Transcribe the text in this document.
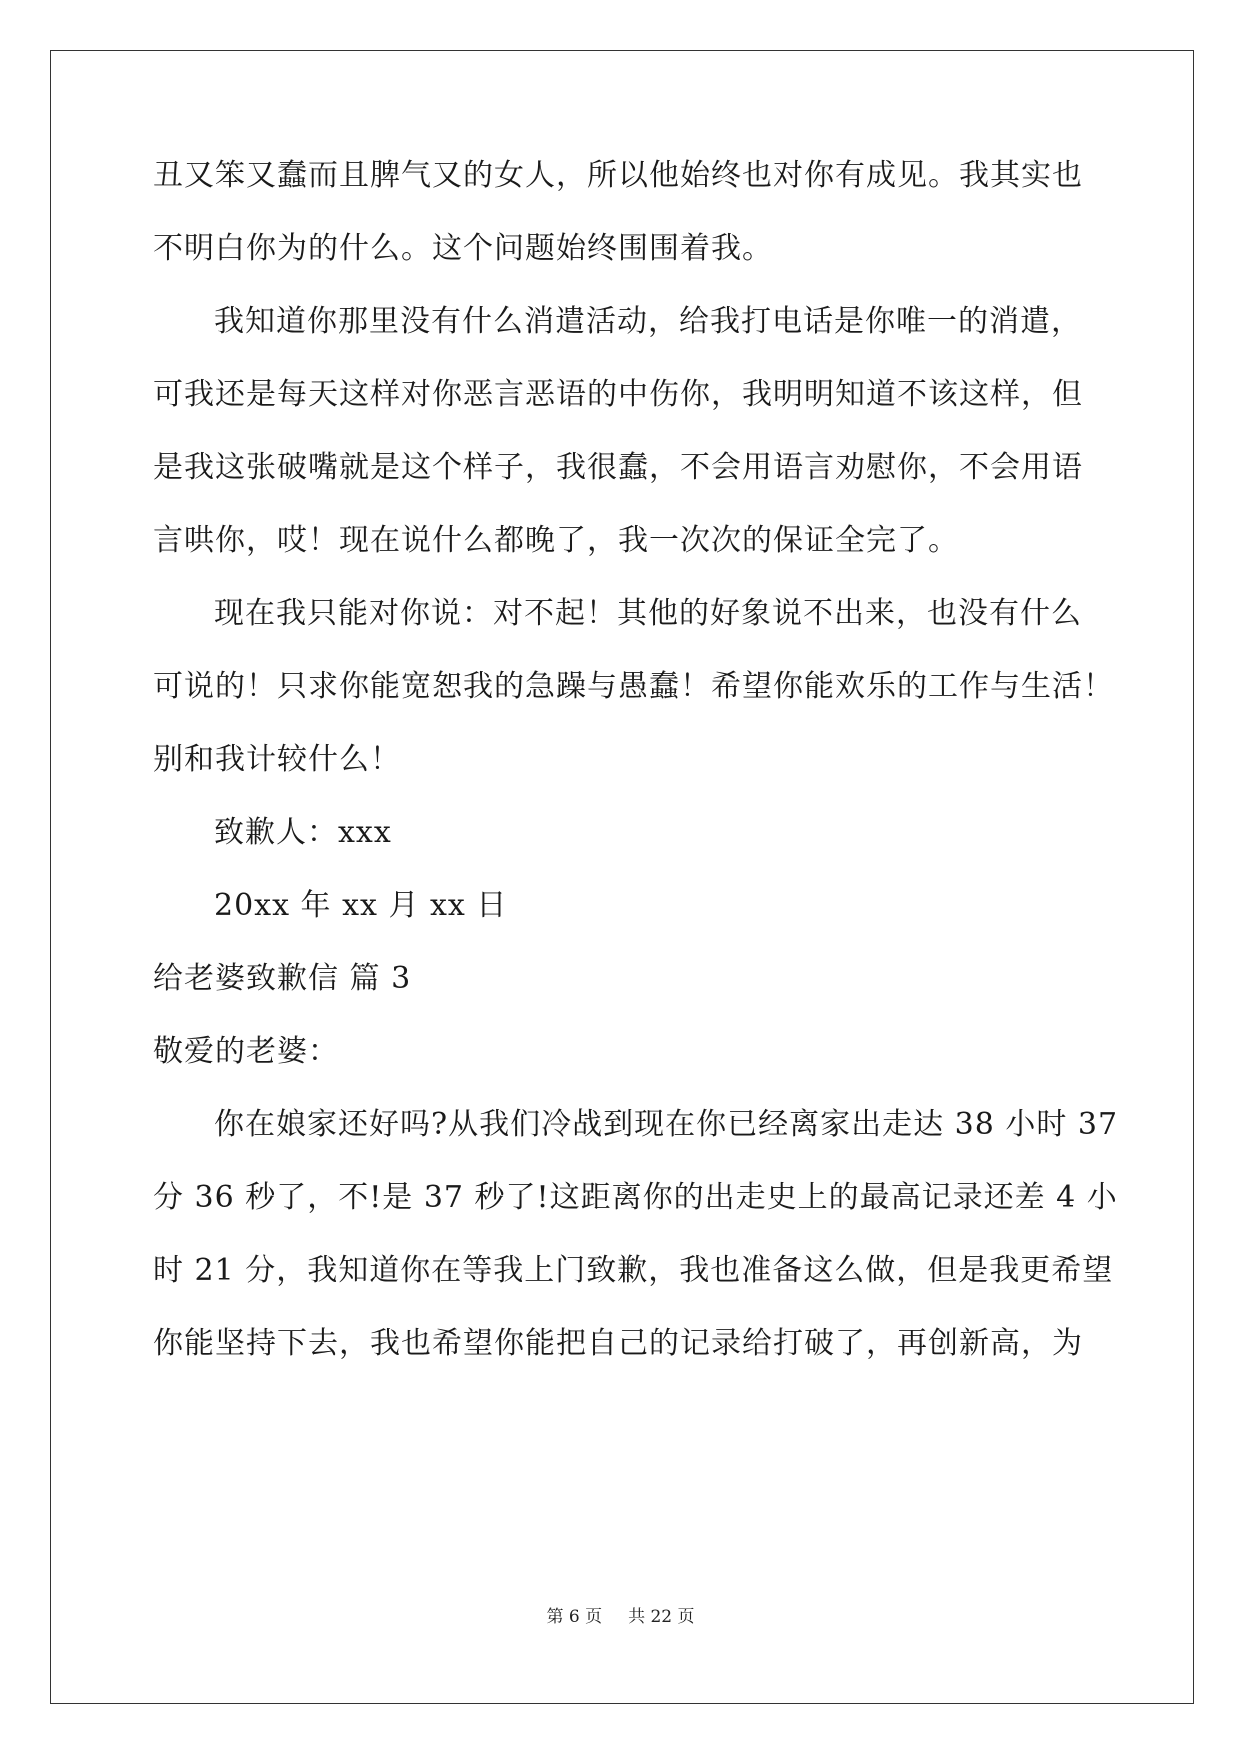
丑又笨又蠢而且脾气又的女人，所以他始终也对你有成见。我其实也
不明白你为的什么。这个问题始终围围着我。
我知道你那里没有什么消遣活动，给我打电话是你唯一的消遣，
可我还是每天这样对你恶言恶语的中伤你，我明明知道不该这样，但
是我这张破嘴就是这个样子，我很蠢，不会用语言劝慰你，不会用语
言哄你，哎！现在说什么都晚了，我一次次的保证全完了。
现在我只能对你说：对不起！其他的好象说不出来，也没有什么
可说的！只求你能宽恕我的急躁与愚蠢！希望你能欢乐的工作与生活！
别和我计较什么！
致歉人：xxx
20xx 年 xx 月 xx 日
给老婆致歉信 篇 3
敬爱的老婆：
你在娘家还好吗?从我们冷战到现在你已经离家出走达 38 小时 37
分 36 秒了，不!是 37 秒了!这距离你的出走史上的最高记录还差 4 小
时 21 分，我知道你在等我上门致歉，我也准备这么做，但是我更希望
你能坚持下去，我也希望你能把自己的记录给打破了，再创新高，为
第 6 页 共 22 页
